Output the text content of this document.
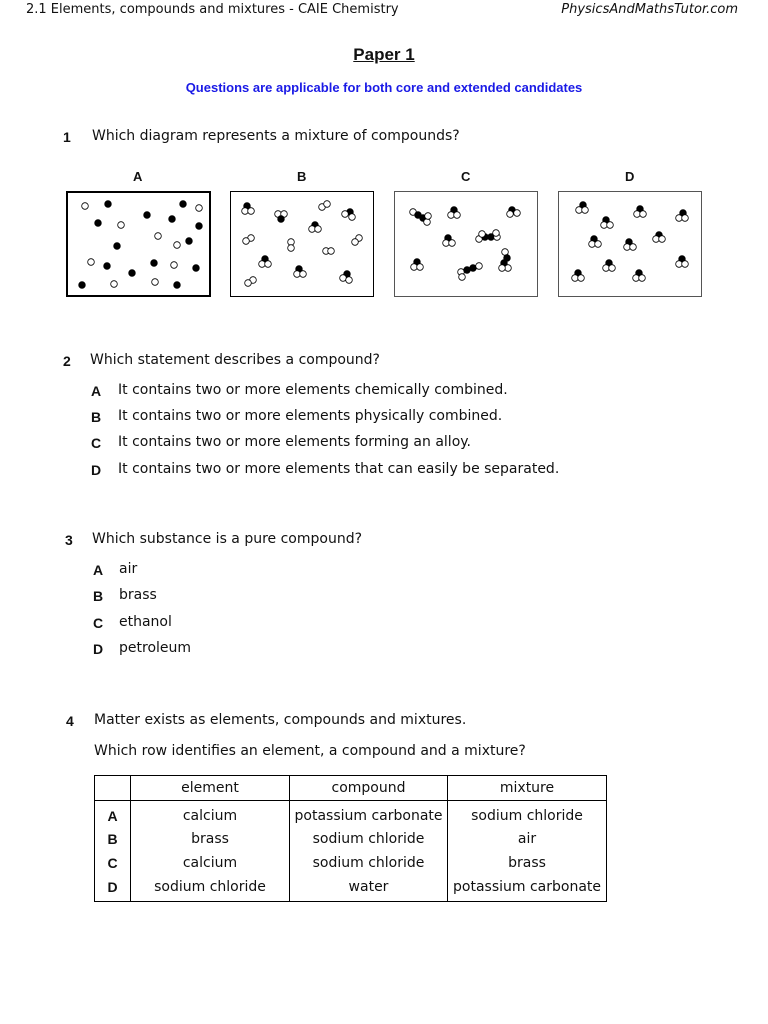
2.1 Elements, compounds and mixtures - CAIE Chemistry	PhysicsAndMathsTutor.com
Paper 1
Questions are applicable for both core and extended candidates
1 Which diagram represents a mixture of compounds?
A	B	C	D
2 Which statement describes a compound?
A It contains two or more elements chemically combined.
B It contains two or more elements physically combined.
C It contains two or more elements forming an alloy.
D It contains two or more elements that can easily be separated.
3 Which substance is a pure compound?
A air
B brass
C ethanol
D petroleum
4 Matter exists as elements, compounds and mixtures.
Which row identifies an element, a compound and a mixture?
	element	compound	mixture
A	calcium	potassium carbonate	sodium chloride
B	brass	sodium chloride	air
C	calcium	sodium chloride	brass
D	sodium chloride	water	potassium carbonate
